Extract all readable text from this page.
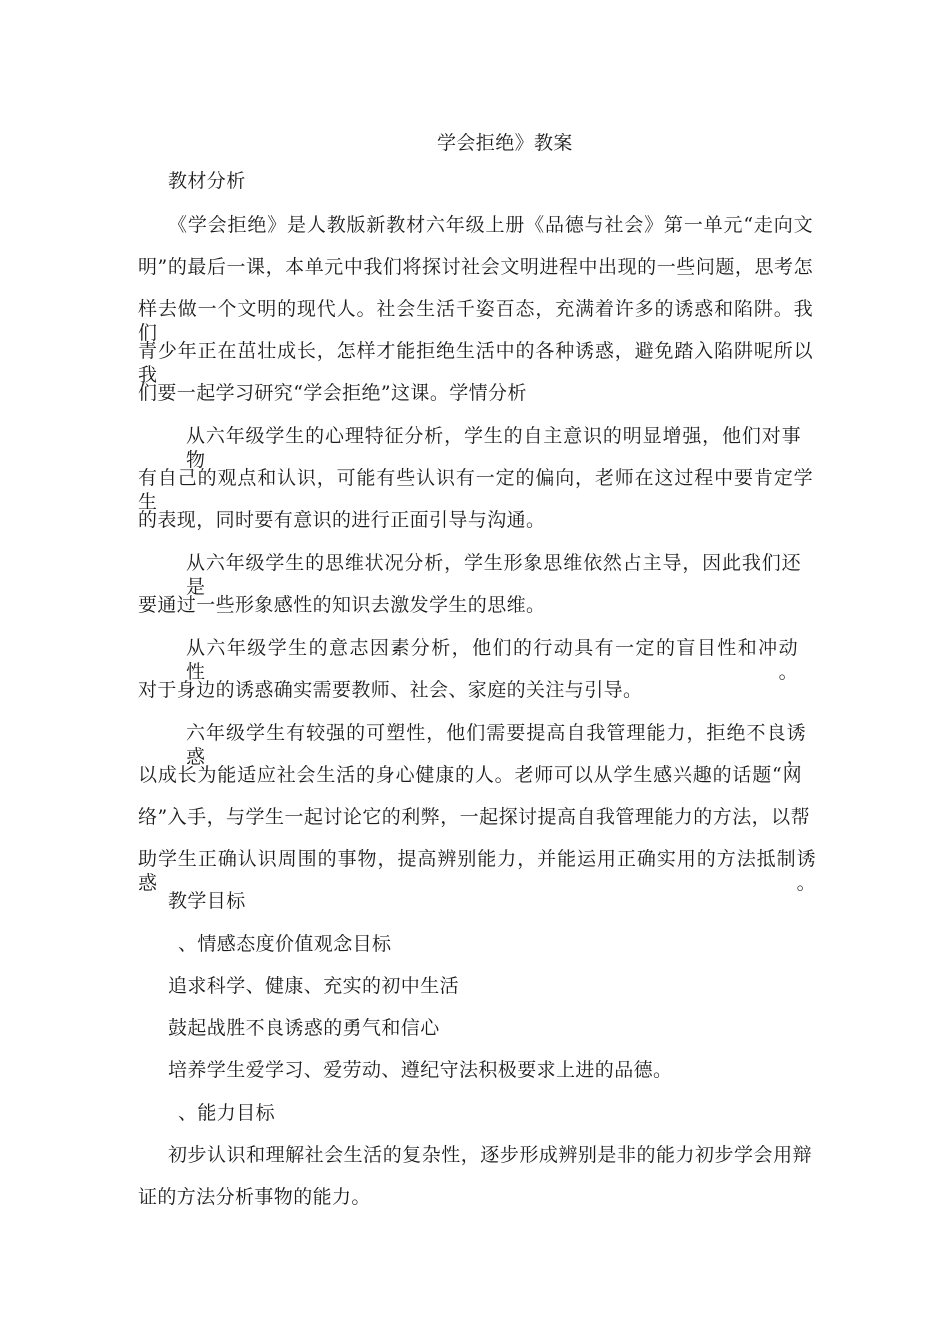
学会拒绝》教案
教材分析
《学会拒绝》是人教版新教材六年级上册《品德与社会》第一单元“走向文
明”的最后一课，本单元中我们将探讨社会文明进程中出现的一些问题，思考怎
样去做一个文明的现代人。社会生活千姿百态，充满着许多的诱惑和陷阱。我们
青少年正在茁壮成长，怎样才能拒绝生活中的各种诱惑，避免踏入陷阱呢所以我
们要一起学习研究“学会拒绝”这课。学情分析
从六年级学生的心理特征分析，学生的自主意识的明显增强，他们对事物
有自己的观点和认识，可能有些认识有一定的偏向，老师在这过程中要肯定学生
的表现，同时要有意识的进行正面引导与沟通。
从六年级学生的思维状况分析，学生形象思维依然占主导，因此我们还是
要通过一些形象感性的知识去激发学生的思维。
从六年级学生的意志因素分析，他们的行动具有一定的盲目性和冲动性。
对于身边的诱惑确实需要教师、社会、家庭的关注与引导。
六年级学生有较强的可塑性，他们需要提高自我管理能力，拒绝不良诱惑，
以成长为能适应社会生活的身心健康的人。老师可以从学生感兴趣的话题“网
络”入手，与学生一起讨论它的利弊，一起探讨提高自我管理能力的方法，以帮
助学生正确认识周围的事物，提高辨别能力，并能运用正确实用的方法抵制诱惑。
教学目标
、情感态度价值观念目标
追求科学、健康、充实的初中生活
鼓起战胜不良诱惑的勇气和信心
培养学生爱学习、爱劳动、遵纪守法积极要求上进的品德。
、能力目标
初步认识和理解社会生活的复杂性，逐步形成辨别是非的能力初步学会用辩
证的方法分析事物的能力。
